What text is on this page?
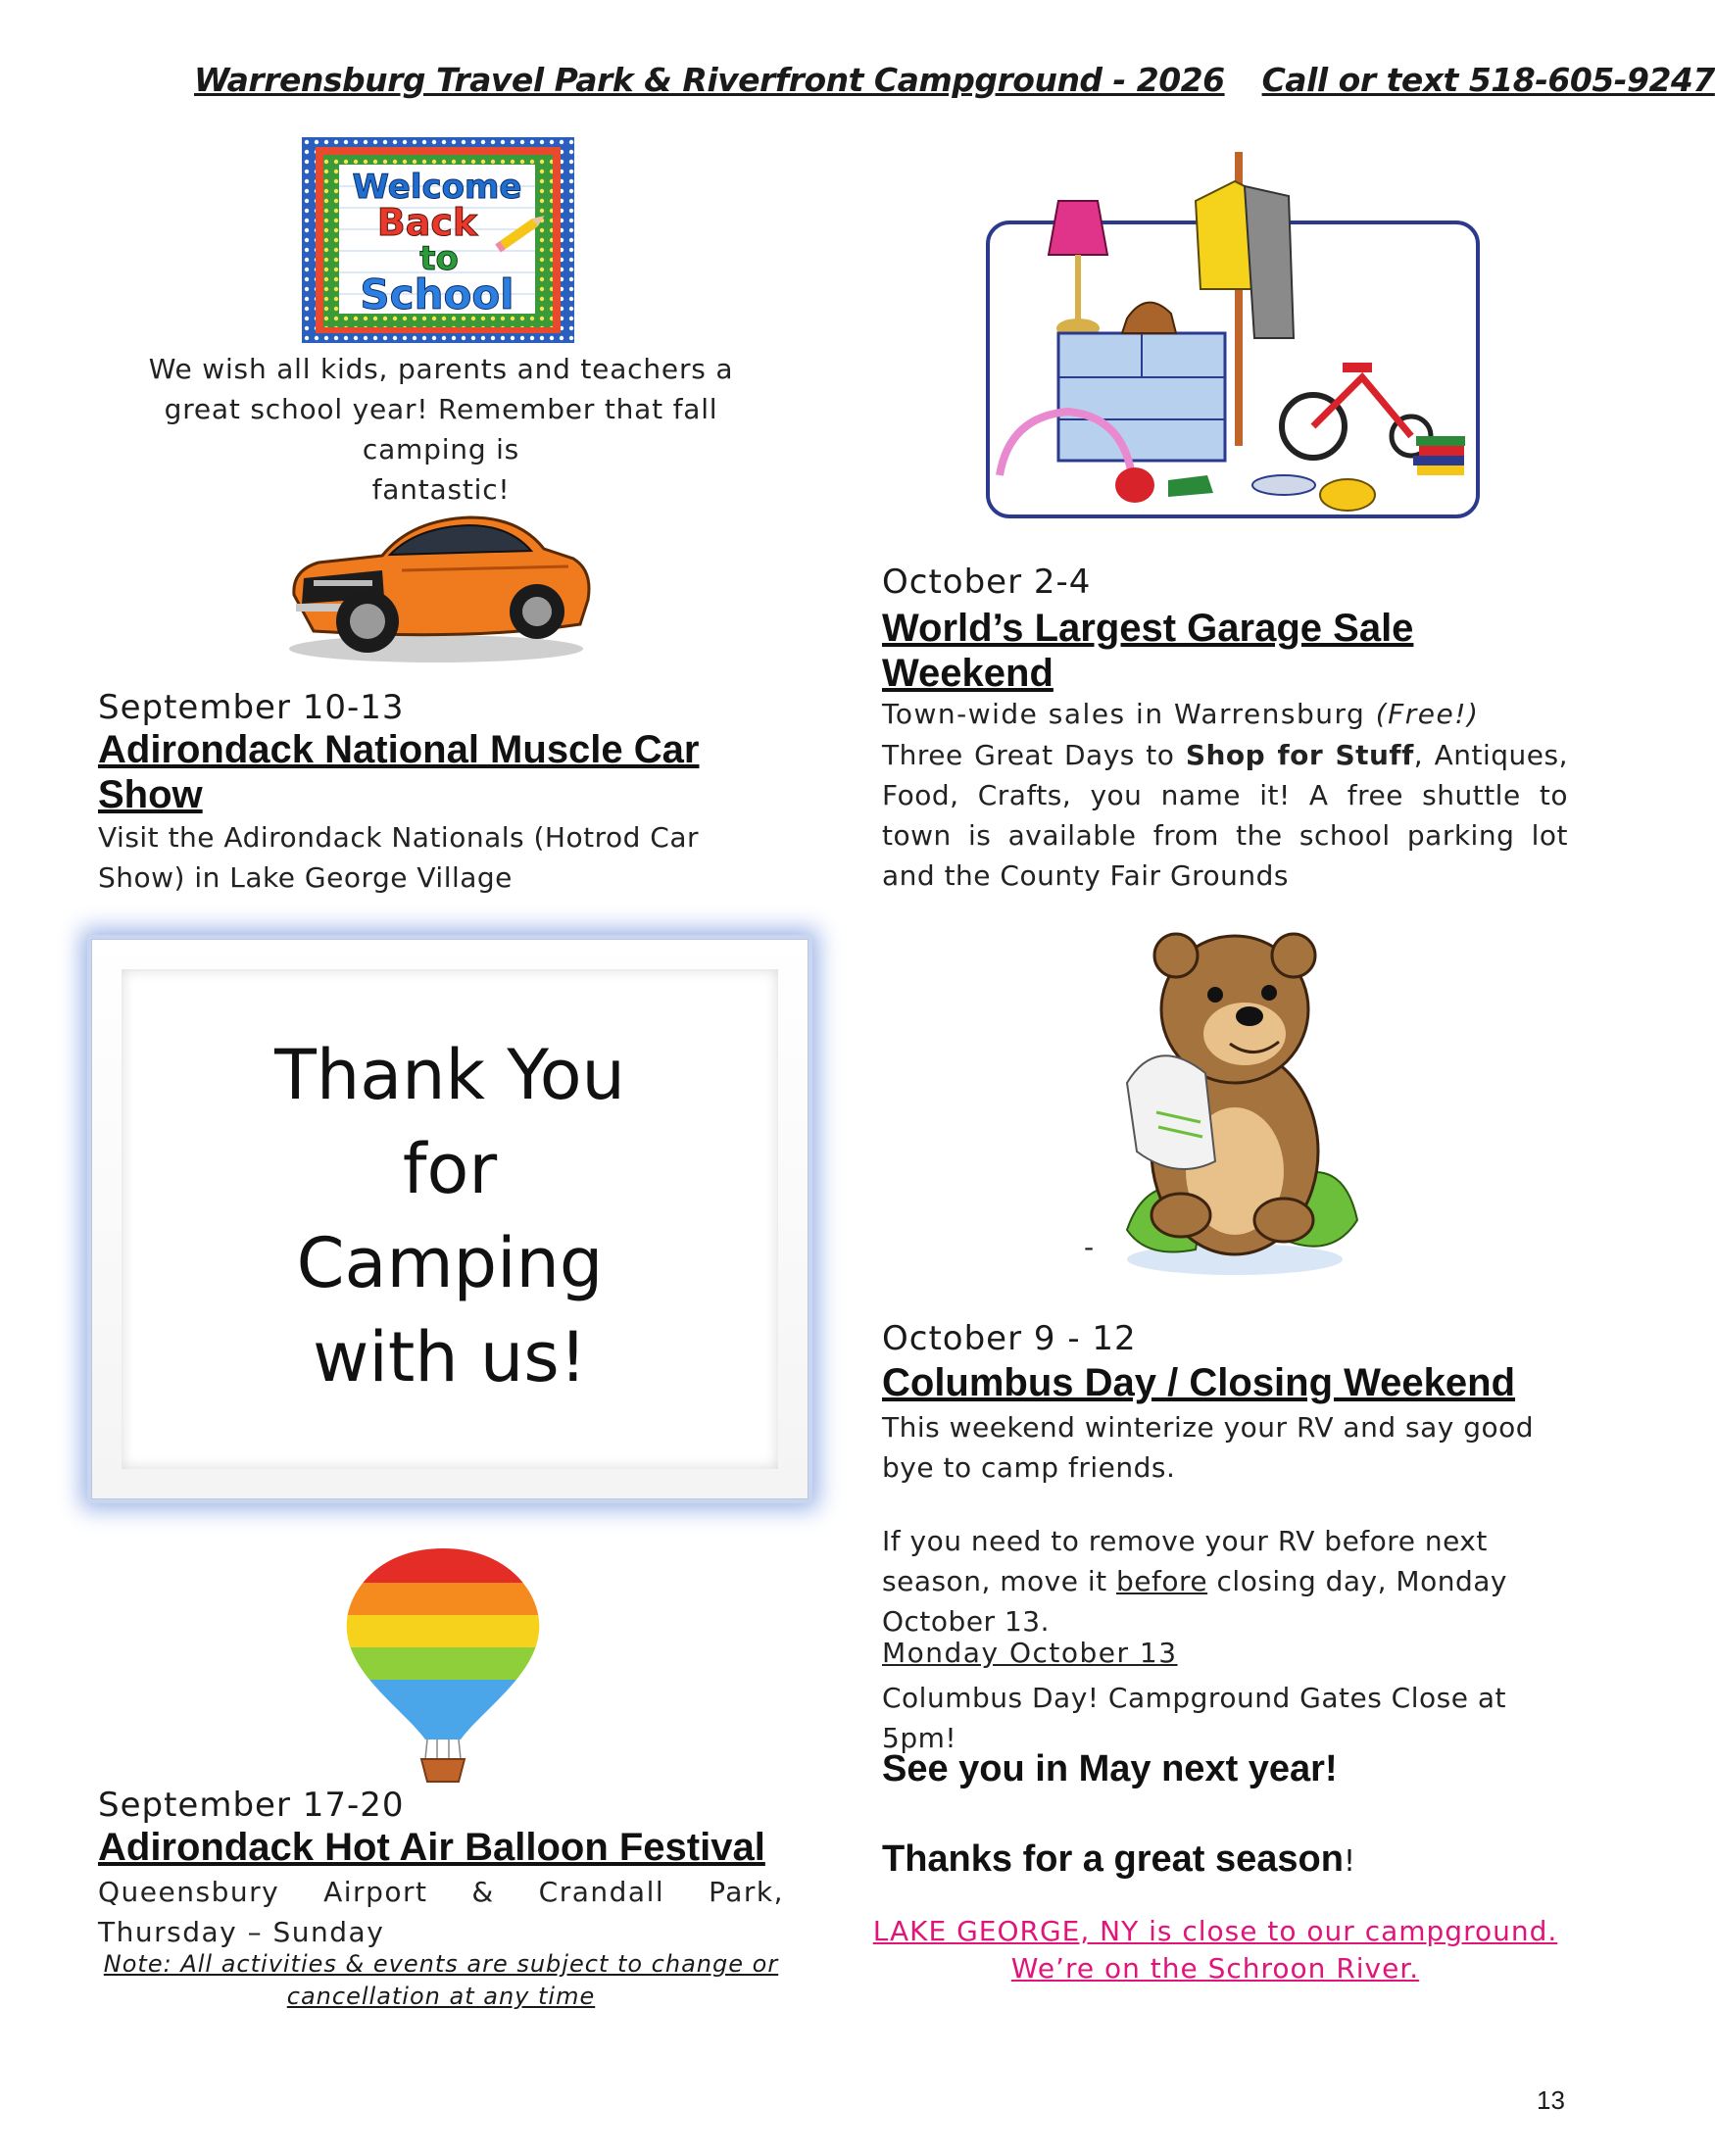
Warrensburg Travel Park & Riverfront Campground - 2026 Call or text 518-605-9247
Welcome
Back
to
School
We wish all kids, parents and teachers a
great school year! Remember that fall camping is
fantastic!
September 10-13
Adirondack National Muscle Car Show
Visit the Adirondack Nationals (Hotrod Car Show) in Lake George Village
Thank You
for
Camping
with us!
September 17-20
Adirondack Hot Air Balloon Festival
Queensbury Airport & Crandall Park, Thursday – Sunday
Note: All activities & events are subject to change or cancellation at any time
October 2-4
World’s Largest Garage Sale Weekend
Town-wide sales in Warrensburg (Free!)
Three Great Days to Shop for Stuff, Antiques, Food, Crafts, you name it! A free shuttle to town is available from the school parking lot and the County Fair Grounds
-
October 9 - 12
Columbus Day / Closing Weekend
This weekend winterize your RV and say good bye to camp friends.
If you need to remove your RV before next season, move it before closing day, Monday October 13.
Monday October 13
Columbus Day! Campground Gates Close at 5pm!
See you in May next year!
Thanks for a great season!
LAKE GEORGE, NY is close to our campground.
We’re on the Schroon River.
13
